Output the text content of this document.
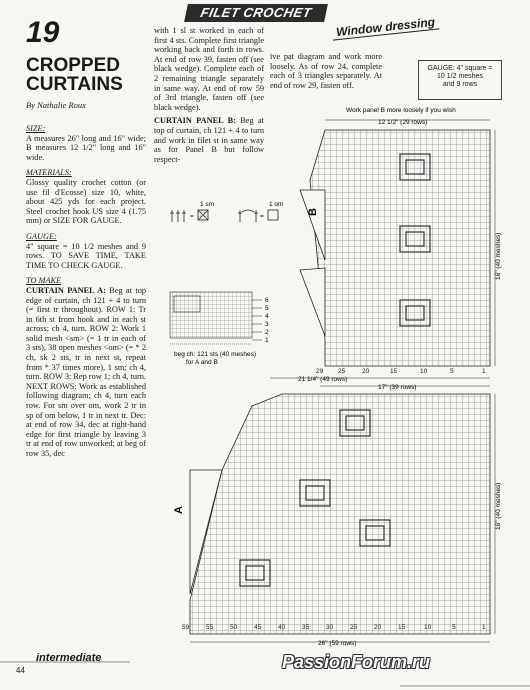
FILET CROCHET
Window dressing
19
CROPPED
CURTAINS
By Nathalie Roux
SIZE:

A measures 26" long and 16" wide; B measures 12 1/2" long and 16" wide.

MATERIALS:

Glossy quality crochet cotton (or use fil d'Ecosse) size 10, white, about 425 yds for each project. Steel crochet hook US size 4 (1.75 mm) or SIZE FOR GAUGE.

GAUGE:

4" square = 10 1/2 meshes and 9 rows. TO SAVE TIME, TAKE TIME TO CHECK GAUGE.

TO MAKE

CURTAIN PANEL A: Beg at top edge of curtain, ch 121 + 4 to turn (= first tr throughout). ROW 1: Tr in 6th st from hook and in each st across; ch 4, turn. ROW 2: Work 1 solid mesh <sm> (= 1 tr in each of 3 sts), 38 open meshes <om> (= * 2 ch, sk 2 sts, tr in next st, repeat from * 37 times more), 1 sm; ch 4, turn. ROW 3: Rep row 1; ch 4, turn. NEXT ROWS: Work as established following diagram; ch 4, turn each row. For sm over om, work 2 tr in sp of om below, 1 tr in next tr. Dec: at end of row 34, dec at right-hand edge for first triangle by leaving 3 tr at end of row unworked; at beg of row 35, dec

with 1 sl st worked in each of first 4 sts. Complete first triangle working back and forth in rows. At end of row 39, fasten off (see black wedge). Complete each of 2 remaining triangle separately in same way. At end of row 59 of 3rd triangle, fasten off (see black wedge).

CURTAIN PANEL B: Beg at top of curtain, ch 121 + 4 to turn and work in filet st in same way as for Panel B but follow respect-

ive pat diagram and work more loosely. As of row 24, complete each of 3 triangles separately. At end of row 29, fasten off.

GAUGE: 4" square =
10 1/2 meshes
and 9 rows
=
1 sm
=
1 om
6
5
4
3
2
1
beg ch: 121 sts (40 meshes)
for A and B
Work panel B more loosely if you wish
12 1/2" (29 rows)
16" (40 meshes)
B
21 1/4" (49 rows)
17" (39 rows)
16" (40 meshes)
A
26" (59 rows)
29 25	20	15	10	5	1
59	55	50	45	40	35	30	25	20	15	10	5	1
intermediate
44	PassionForum.ru
